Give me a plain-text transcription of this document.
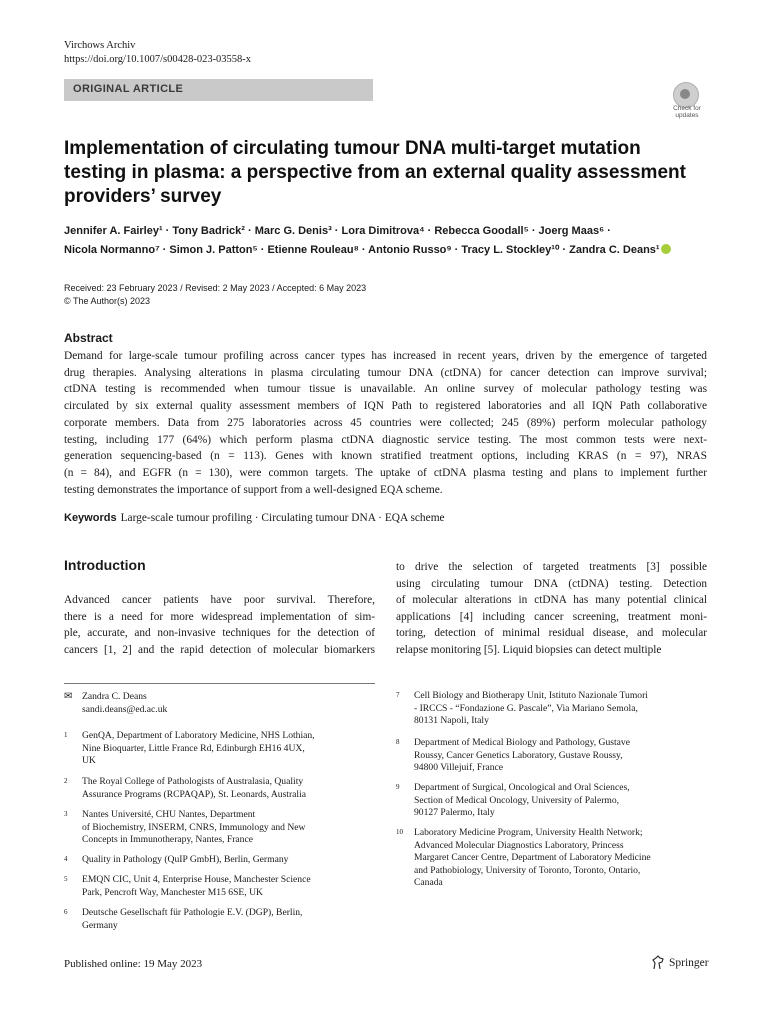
Virchows Archiv
https://doi.org/10.1007/s00428-023-03558-x
ORIGINAL ARTICLE
Check for
updates
Implementation of circulating tumour DNA multi-target mutation
testing in plasma: a perspective from an external quality assessment
providers’ survey
Jennifer A. Fairley¹ · Tony Badrick² · Marc G. Denis³ · Lora Dimitrova⁴ · Rebecca Goodall⁵ · Joerg Maas⁶ ·
Nicola Normanno⁷ · Simon J. Patton⁵ · Etienne Rouleau⁸ · Antonio Russo⁹ · Tracy L. Stockley¹⁰ · Zandra C. Deans¹
Received: 23 February 2023 / Revised: 2 May 2023 / Accepted: 6 May 2023
© The Author(s) 2023
Abstract
Demand for large-scale tumour profiling across cancer types has increased in recent years, driven by the emergence of targeted
drug therapies. Analysing alterations in plasma circulating tumour DNA (ctDNA) for cancer detection can improve survival;
ctDNA testing is recommended when tumour tissue is unavailable. An online survey of molecular pathology testing was
circulated by six external quality assessment members of IQN Path to registered laboratories and all IQN Path collaborative
corporate members. Data from 275 laboratories across 45 countries were collected; 245 (89%) perform molecular pathology
testing, including 177 (64%) which perform plasma ctDNA diagnostic service testing. The most common tests were next-
generation sequencing-based (n = 113). Genes with known stratified treatment options, including KRAS (n = 97), NRAS
(n = 84), and EGFR (n = 130), were common targets. The uptake of ctDNA plasma testing and plans to implement further
testing demonstrates the importance of support from a well-designed EQA scheme.
Keywords Large-scale tumour profiling · Circulating tumour DNA · EQA scheme
Introduction
Advanced cancer patients have poor survival. Therefore,
there is a need for more widespread implementation of sim-
ple, accurate, and non-invasive techniques for the detection of
cancers [1, 2] and the rapid detection of molecular biomarkers
to drive the selection of targeted treatments [3] possible
using circulating tumour DNA (ctDNA) testing. Detection
of molecular alterations in ctDNA has many potential clinical
applications [4] including cancer screening, treatment moni-
toring, detection of minimal residual disease, and molecular
relapse monitoring [5]. Liquid biopsies can detect multiple
✉ Zandra C. Deans
sandi.deans@ed.ac.uk
1 GenQA, Department of Laboratory Medicine, NHS Lothian,
Nine Bioquarter, Little France Rd, Edinburgh EH16 4UX,
UK
2 The Royal College of Pathologists of Australasia, Quality
Assurance Programs (RCPAQAP), St. Leonards, Australia
3 Nantes Université, CHU Nantes, Department
of Biochemistry, INSERM, CNRS, Immunology and New
Concepts in Immunotherapy, Nantes, France
4 Quality in Pathology (QuIP GmbH), Berlin, Germany
5 EMQN CIC, Unit 4, Enterprise House, Manchester Science
Park, Pencroft Way, Manchester M15 6SE, UK
6 Deutsche Gesellschaft für Pathologie E.V. (DGP), Berlin,
Germany
7 Cell Biology and Biotherapy Unit, Istituto Nazionale Tumori
- IRCCS - “Fondazione G. Pascale”, Via Mariano Semola,
80131 Napoli, Italy
8 Department of Medical Biology and Pathology, Gustave
Roussy, Cancer Genetics Laboratory, Gustave Roussy,
94800 Villejuif, France
9 Department of Surgical, Oncological and Oral Sciences,
Section of Medical Oncology, University of Palermo,
90127 Palermo, Italy
10 Laboratory Medicine Program, University Health Network;
Advanced Molecular Diagnostics Laboratory, Princess
Margaret Cancer Centre, Department of Laboratory Medicine
and Pathobiology, University of Toronto, Toronto, Ontario,
Canada
Published online: 19 May 2023	Springer
